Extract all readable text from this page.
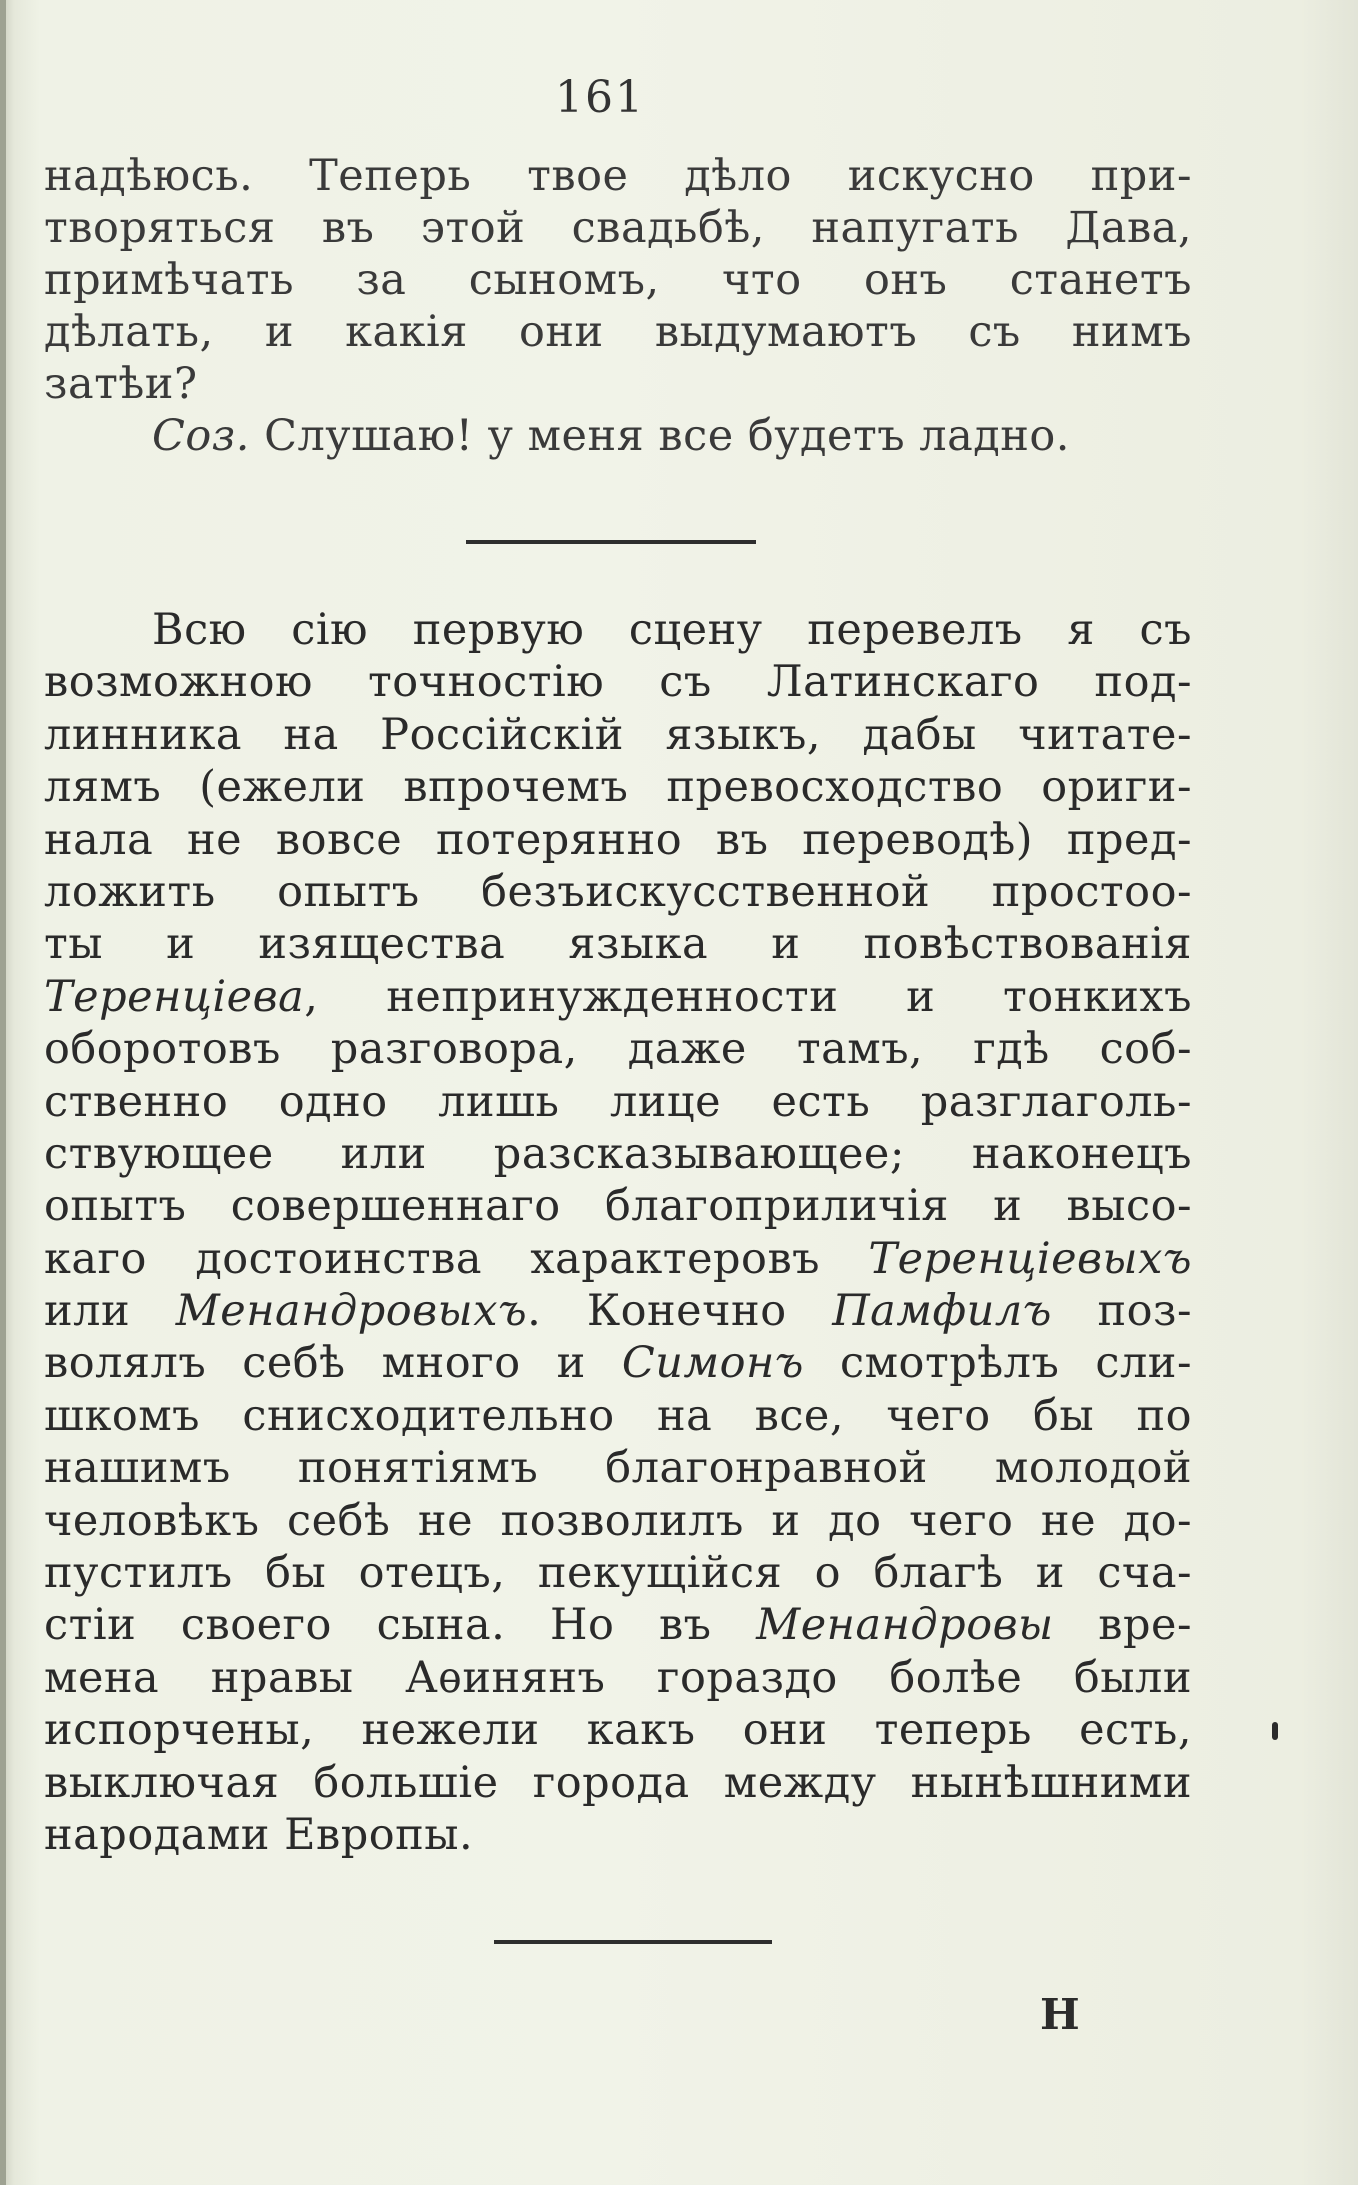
161
надѣюсь. Теперь твое дѣло искусно при-
творяться въ этой свадьбѣ, напугать Дава,
примѣчать за сыномъ, что онъ станетъ
дѣлать, и какія они выдумаютъ съ нимъ
затѣи?
Соз. Слушаю! у меня все будетъ ладно.
Всю сію первую сцену перевелъ я съ
возможною точностію съ Латинскаго под-
линника на Россійскій языкъ, дабы читате-
лямъ (ежели впрочемъ превосходство ориги-
нала не вовсе потерянно въ переводѣ) пред-
ложить опытъ безъискусственной простоо-
ты и изящества языка и повѣствованія
Теренціева, непринужденности и тонкихъ
оборотовъ разговора, даже тамъ, гдѣ соб-
ственно одно лишь лице есть разглаголь-
ствующее или разсказывающее; наконецъ
опытъ совершеннаго благоприличія и высо-
каго достоинства характеровъ Теренціевыхъ
или Менандровыхъ. Конечно Памфилъ поз-
волялъ себѣ много и Симонъ смотрѣлъ сли-
шкомъ снисходительно на все, чего бы по
нашимъ понятіямъ благонравной молодой
человѣкъ себѣ не позволилъ и до чего не до-
пустилъ бы отецъ, пекущійся о благѣ и сча-
стіи своего сына. Но въ Менандровы вре-
мена нравы Аѳинянъ гораздо болѣе были
испорчены, нежели какъ они теперь есть,
выключая большіе города между нынѣшними
народами Европы.
Н
